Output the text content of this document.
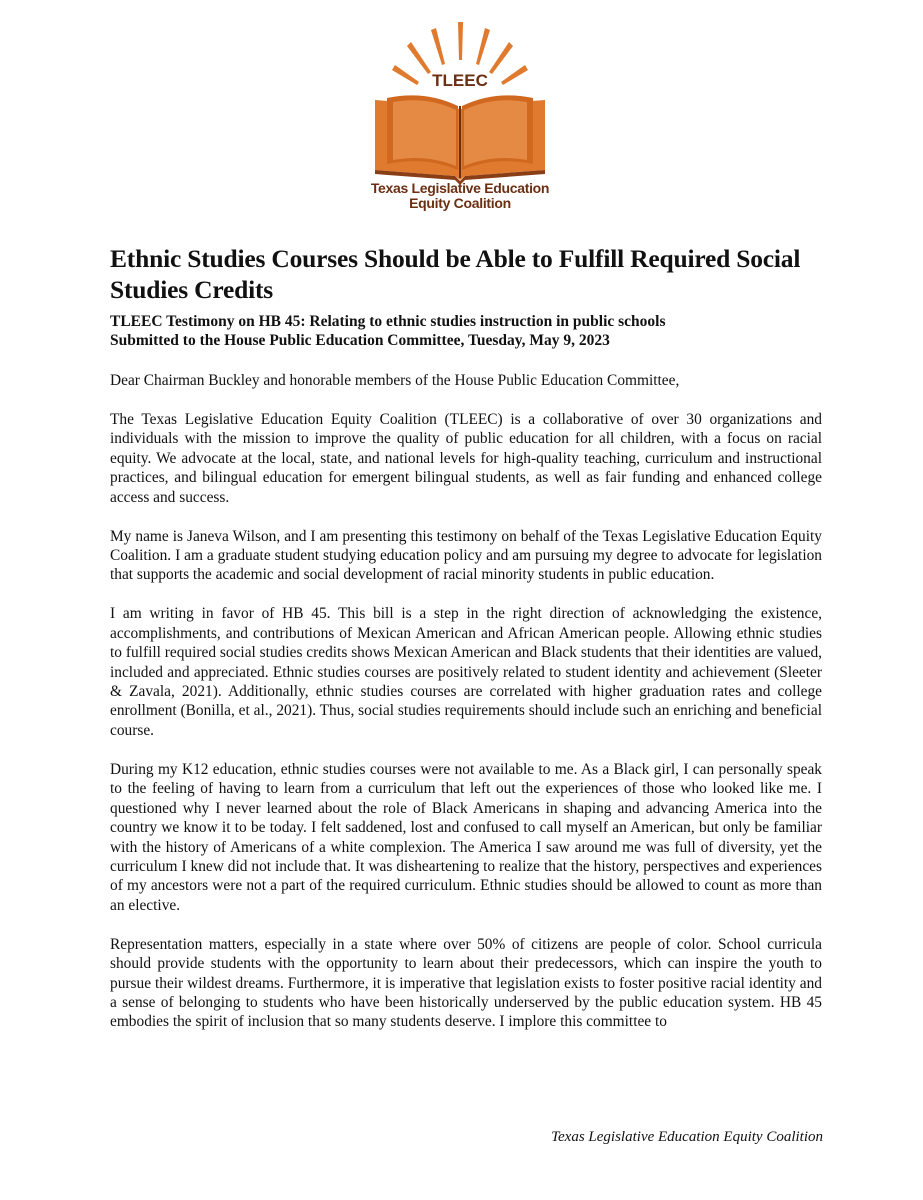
TLEEC
Texas Legislative Education
Equity Coalition
Ethnic Studies Courses Should be Able to Fulfill Required Social Studies Credits
TLEEC Testimony on HB 45: Relating to ethnic studies instruction in public schools
Submitted to the House Public Education Committee, Tuesday, May 9, 2023

Dear Chairman Buckley and honorable members of the House Public Education Committee,

The Texas Legislative Education Equity Coalition (TLEEC) is a collaborative of over 30 organizations and individuals with the mission to improve the quality of public education for all children, with a focus on racial equity. We advocate at the local, state, and national levels for high-quality teaching, curriculum and instructional practices, and bilingual education for emergent bilingual students, as well as fair funding and enhanced college access and success.

My name is Janeva Wilson, and I am presenting this testimony on behalf of the Texas Legislative Education Equity Coalition. I am a graduate student studying education policy and am pursuing my degree to advocate for legislation that supports the academic and social development of racial minority students in public education.

I am writing in favor of HB 45. This bill is a step in the right direction of acknowledging the existence, accomplishments, and contributions of Mexican American and African American people. Allowing ethnic studies to fulfill required social studies credits shows Mexican American and Black students that their identities are valued, included and appreciated. Ethnic studies courses are positively related to student identity and achievement (Sleeter & Zavala, 2021). Additionally, ethnic studies courses are correlated with higher graduation rates and college enrollment (Bonilla, et al., 2021). Thus, social studies requirements should include such an enriching and beneficial course.

During my K12 education, ethnic studies courses were not available to me. As a Black girl, I can personally speak to the feeling of having to learn from a curriculum that left out the experiences of those who looked like me. I questioned why I never learned about the role of Black Americans in shaping and advancing America into the country we know it to be today. I felt saddened, lost and confused to call myself an American, but only be familiar with the history of Americans of a white complexion. The America I saw around me was full of diversity, yet the curriculum I knew did not include that. It was disheartening to realize that the history, perspectives and experiences of my ancestors were not a part of the required curriculum. Ethnic studies should be allowed to count as more than an elective.

Representation matters, especially in a state where over 50% of citizens are people of color. School curricula should provide students with the opportunity to learn about their predecessors, which can inspire the youth to pursue their wildest dreams. Furthermore, it is imperative that legislation exists to foster positive racial identity and a sense of belonging to students who have been historically underserved by the public education system. HB 45 embodies the spirit of inclusion that so many students deserve. I implore this committee to

Texas Legislative Education Equity Coalition
